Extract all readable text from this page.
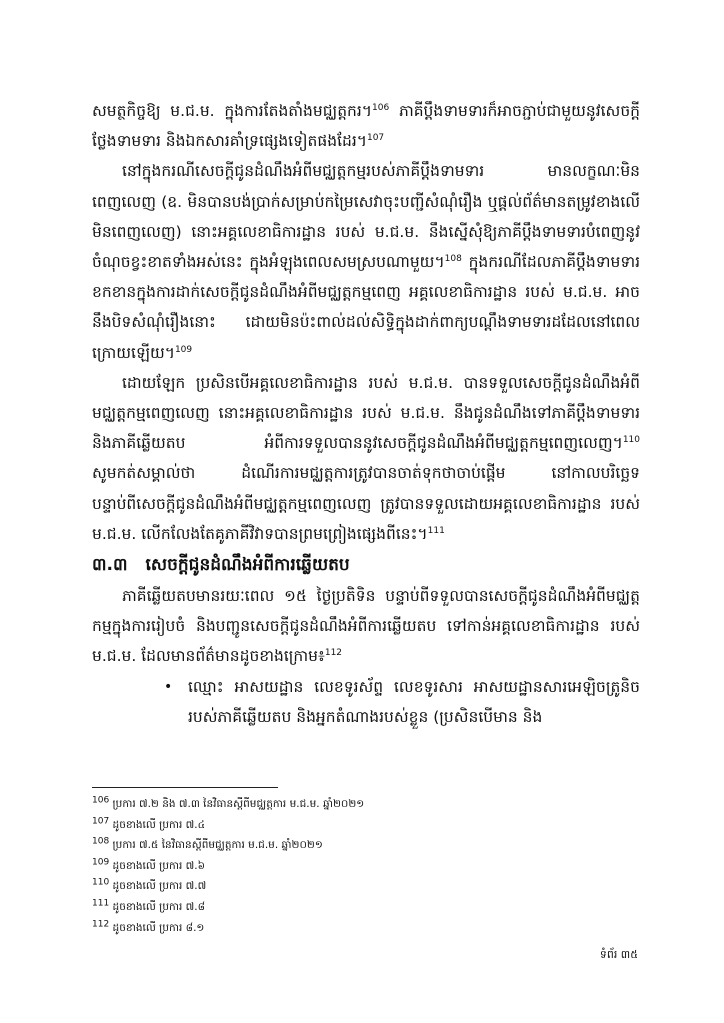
សមត្ថកិច្ចឱ្យ ម.ជ.ម. ក្នុងការតែងតាំងមជ្ឈត្តករ។$^{106}$ ភាគីប្តឹងទាមទារក៏អាចភ្ជាប់ជាមួយនូវសេចក្តីថ្លែងទាមទារ និងឯកសារគាំទ្រផ្សេងទៀតផងដែរ។$^{107}$

នៅក្នុងករណីសេចក្តីជូនដំណឹងអំពីមជ្ឈត្តកម្មរបស់ភាគីប្តឹងទាមទារ មានលក្ខណៈមិនពេញលេញ (ឧ. មិនបានបង់ប្រាក់សម្រាប់កម្រៃសេវាចុះបញ្ជីសំណុំរឿង ឬផ្តល់ព័ត៌មានតម្រូវខាងលើមិនពេញលេញ) នោះអគ្គលេខាធិការដ្ឋាន របស់ ម.ជ.ម. នឹងស្នើសុំឱ្យភាគីប្តឹងទាមទារបំពេញនូវចំណុចខ្វះខាតទាំងអស់នេះ ក្នុងអំឡុងពេលសមស្របណាមួយ។$^{108}$ ក្នុងករណីដែលភាគីប្តឹងទាមទារខកខានក្នុងការដាក់សេចក្តីជូនដំណឹងអំពីមជ្ឈត្តកម្មពេញ អគ្គលេខាធិការដ្ឋាន របស់ ម.ជ.ម. អាចនឹងបិទសំណុំរឿងនោះ ដោយមិនប៉ះពាល់ដល់សិទ្ធិក្នុងដាក់ពាក្យបណ្តឹងទាមទារដដែលនៅពេលក្រោយឡើយ។$^{109}$

ដោយឡែក ប្រសិនបើអគ្គលេខាធិការដ្ឋាន របស់ ម.ជ.ម. បានទទួលសេចក្តីជូនដំណឹងអំពីមជ្ឈត្តកម្មពេញលេញ នោះអគ្គលេខាធិការដ្ឋាន របស់ ម.ជ.ម. នឹងជូនដំណឹងទៅភាគីប្តឹងទាមទារ និងភាគីឆ្លើយតប អំពីការទទួលបាននូវសេចក្តីជូនដំណឹងអំពីមជ្ឈត្តកម្មពេញលេញ។$^{110}$ សូមកត់សម្គាល់ថា ដំណើរការមជ្ឈត្តការត្រូវបានចាត់ទុកថាចាប់ផ្តើម នៅកាលបរិច្ឆេទបន្ទាប់ពីសេចក្តីជូនដំណឹងអំពីមជ្ឈត្តកម្មពេញលេញ ត្រូវបានទទួលដោយអគ្គលេខាធិការដ្ឋាន របស់ ម.ជ.ម. លើកលែងតែគូភាគីវិវាទបានព្រមព្រៀងផ្សេងពីនេះ។$^{111}$

៣.៣ សេចក្តីជូនដំណឹងអំពីការឆ្លើយតប

ភាគីឆ្លើយតបមានរយៈពេល ១៥ ថ្ងៃប្រតិទិន បន្ទាប់ពីទទួលបានសេចក្តីជូនដំណឹងអំពីមជ្ឈត្តកម្មក្នុងការរៀបចំ និងបញ្ជូនសេចក្តីជូនដំណឹងអំពីការឆ្លើយតប ទៅកាន់អគ្គលេខាធិការដ្ឋាន របស់ ម.ជ.ម. ដែលមានព័ត៌មានដូចខាងក្រោម៖$^{112}$

•	ឈ្មោះ អាសយដ្ឋាន លេខទូរស័ព្ទ លេខទូរសារ អាសយដ្ឋានសារអេឡិចត្រូនិចរបស់ភាគីឆ្លើយតប និងអ្នកតំណាងរបស់ខ្លួន (ប្រសិនបើមាន និង
$^{106}$ ប្រការ ៧.២ និង ៧.៣ នៃវិធានស្តីពីមជ្ឈត្តការ ម.ជ.ម. ឆ្នាំ២០២១
$^{107}$ ដូចខាងលើ ប្រការ ៧.៤
$^{108}$ ប្រការ ៧.៥ នៃវិធានស្តីពីមជ្ឈត្តការ ម.ជ.ម. ឆ្នាំ២០២១
$^{109}$ ដូចខាងលើ ប្រការ ៧.៦
$^{110}$ ដូចខាងលើ ប្រការ ៧.៧
$^{111}$ ដូចខាងលើ ប្រការ ៧.៨
$^{112}$ ដូចខាងលើ ប្រការ ៨.១
ទំព័រ ៣៥
